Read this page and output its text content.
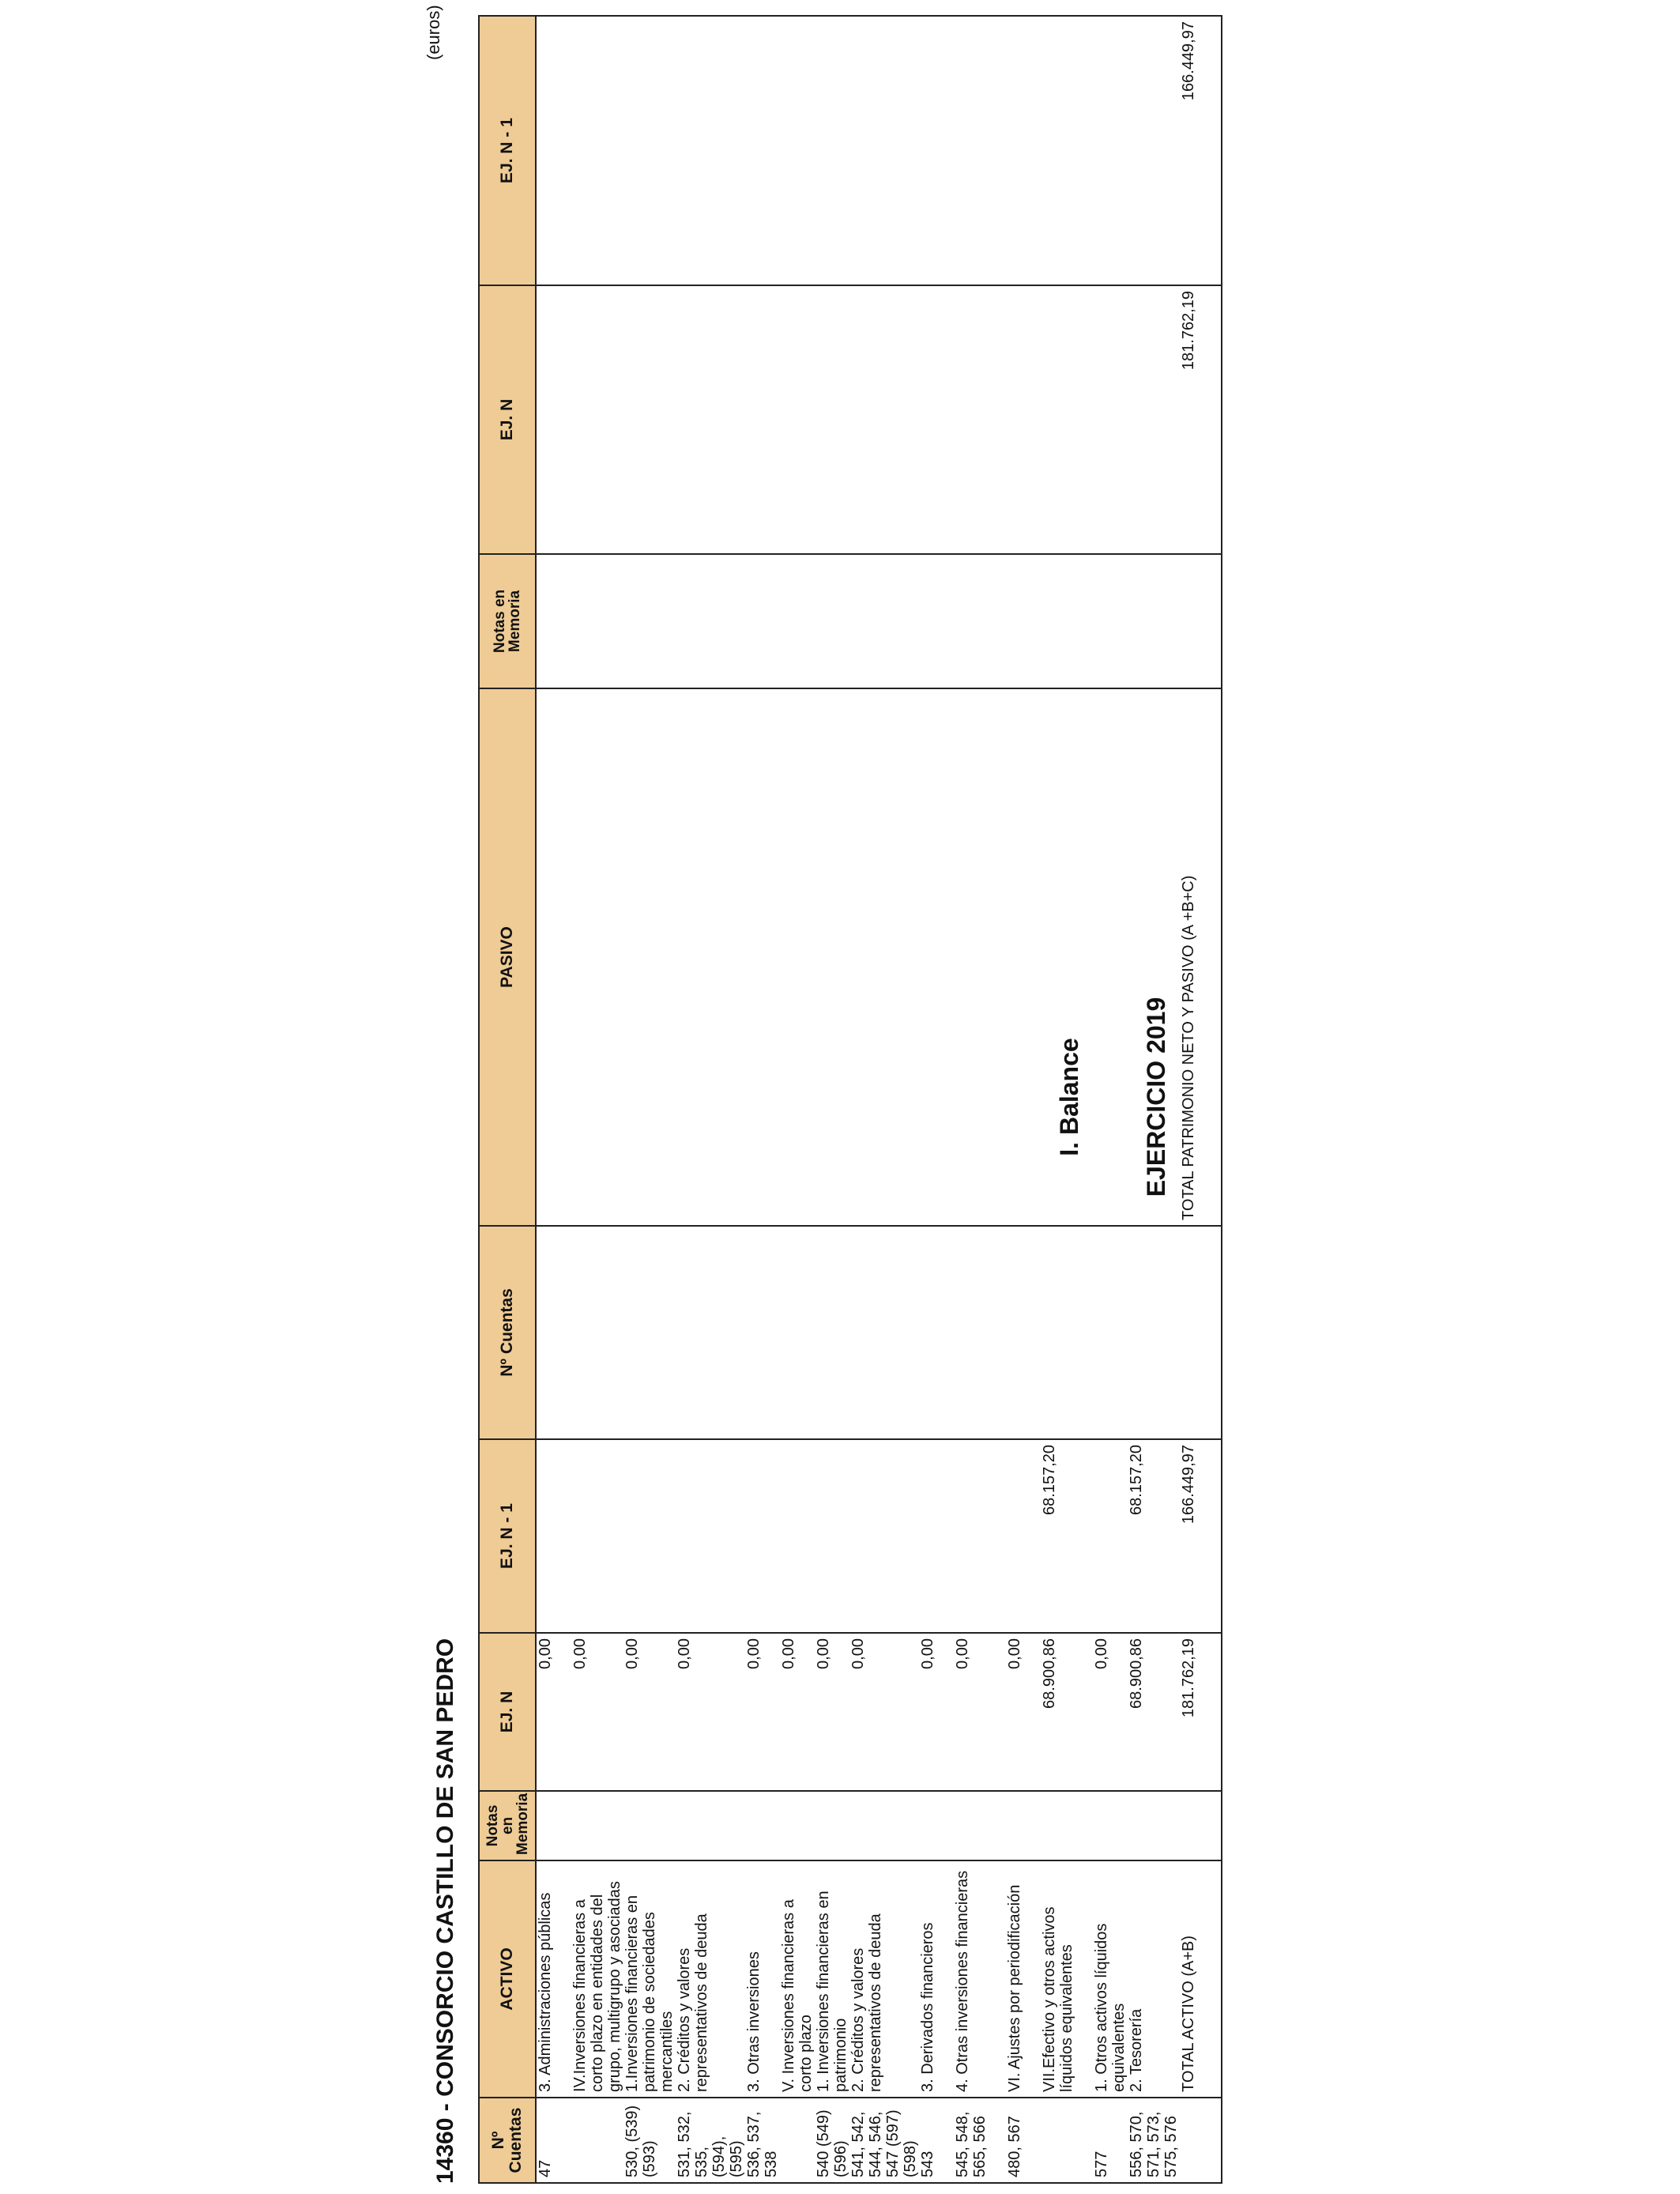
I. Balance EJERCICIO 2019
14360 - CONSORCIO CASTILLO DE SAN PEDRO
(euros)
Nº Cuentas	ACTIVO	Notas en Memoria	EJ. N	EJ. N - 1	Nº Cuentas	PASIVO	Notas en Memoria	EJ. N	EJ. N - 1
47	3. Administraciones públicas		0,00						
	IV.Inversiones financieras a corto plazo en entidades del grupo, multigrupo y asociadas		0,00						
530, (539) (593)	1.Inversiones financieras en patrimonio de sociedades mercantiles		0,00						
531, 532, 535, (594), (595)	2. Créditos y valores representativos de deuda		0,00						
536, 537, 538	3. Otras inversiones		0,00						
	V. Inversiones financieras a corto plazo		0,00						
540 (549) (596)	1. Inversiones financieras en patrimonio		0,00						
541, 542, 544, 546, 547 (597) (598)	2. Créditos y valores representativos de deuda		0,00						
543	3. Derivados financieros		0,00						
545, 548, 565, 566	4. Otras inversiones financieras		0,00						
480, 567	VI. Ajustes por periodificación		0,00						
	VII.Efectivo y otros activos líquidos equivalentes		68.900,86	68.157,20					
577	1. Otros activos líquidos equivalentes		0,00						
556, 570, 571, 573, 575, 576	2. Tesorería		68.900,86	68.157,20					
	TOTAL ACTIVO (A+B)		181.762,19	166.449,97		TOTAL PATRIMONIO NETO Y PASIVO (A +B+C)		181.762,19	166.449,97
